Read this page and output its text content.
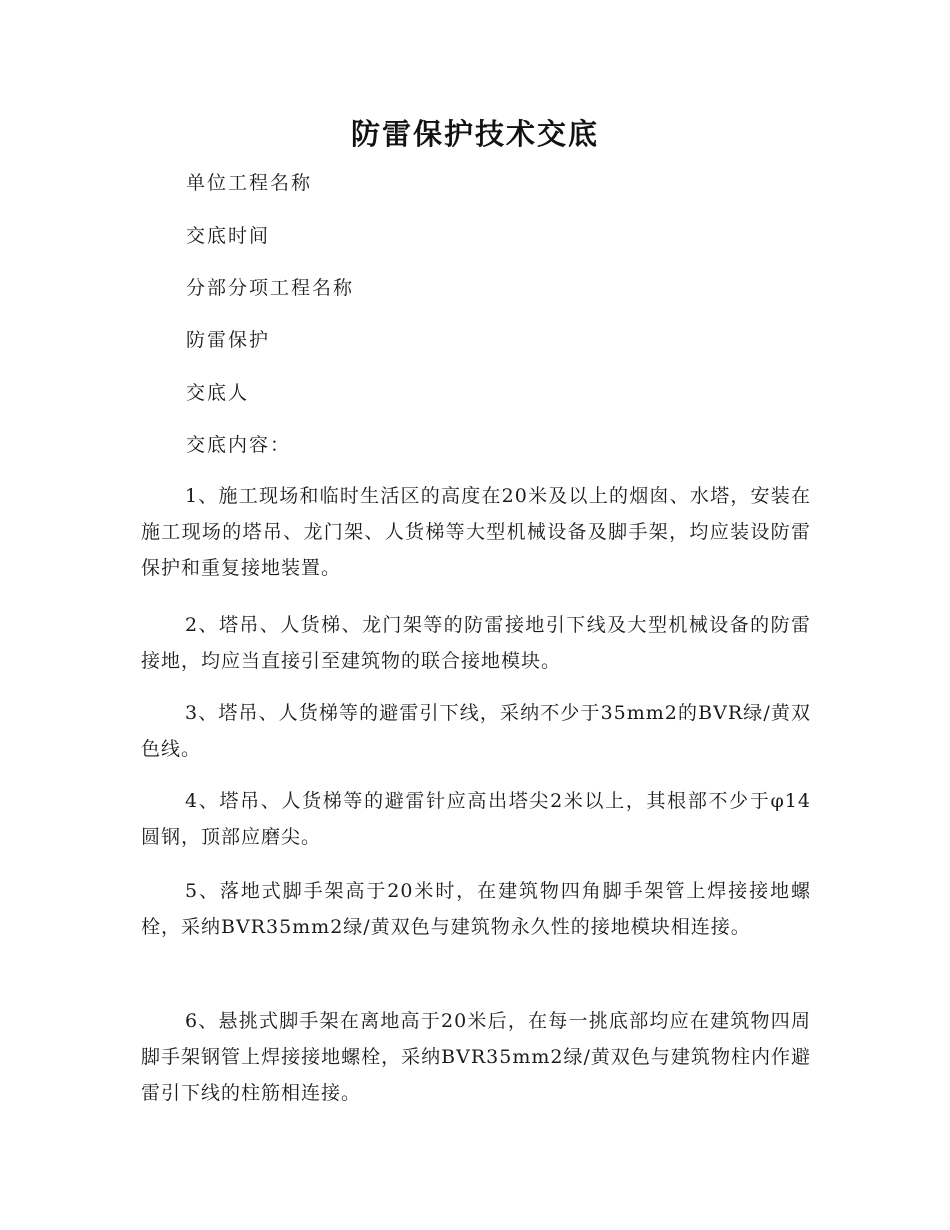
防雷保护技术交底
单位工程名称
交底时间
分部分项工程名称
防雷保护
交底人
交底内容：
1、施工现场和临时生活区的高度在20米及以上的烟囱、水塔，安装在施工现场的塔吊、龙门架、人货梯等大型机械设备及脚手架，均应装设防雷保护和重复接地装置。
2、塔吊、人货梯、龙门架等的防雷接地引下线及大型机械设备的防雷接地，均应当直接引至建筑物的联合接地模块。
3、塔吊、人货梯等的避雷引下线，采纳不少于35mm2的BVR绿/黄双色线。
4、塔吊、人货梯等的避雷针应高出塔尖2米以上，其根部不少于φ14圆钢，顶部应磨尖。
5、落地式脚手架高于20米时，在建筑物四角脚手架管上焊接接地螺栓，采纳BVR35mm2绿/黄双色与建筑物永久性的接地模块相连接。
6、悬挑式脚手架在离地高于20米后，在每一挑底部均应在建筑物四周脚手架钢管上焊接接地螺栓，采纳BVR35mm2绿/黄双色与建筑物柱内作避雷引下线的柱筋相连接。
